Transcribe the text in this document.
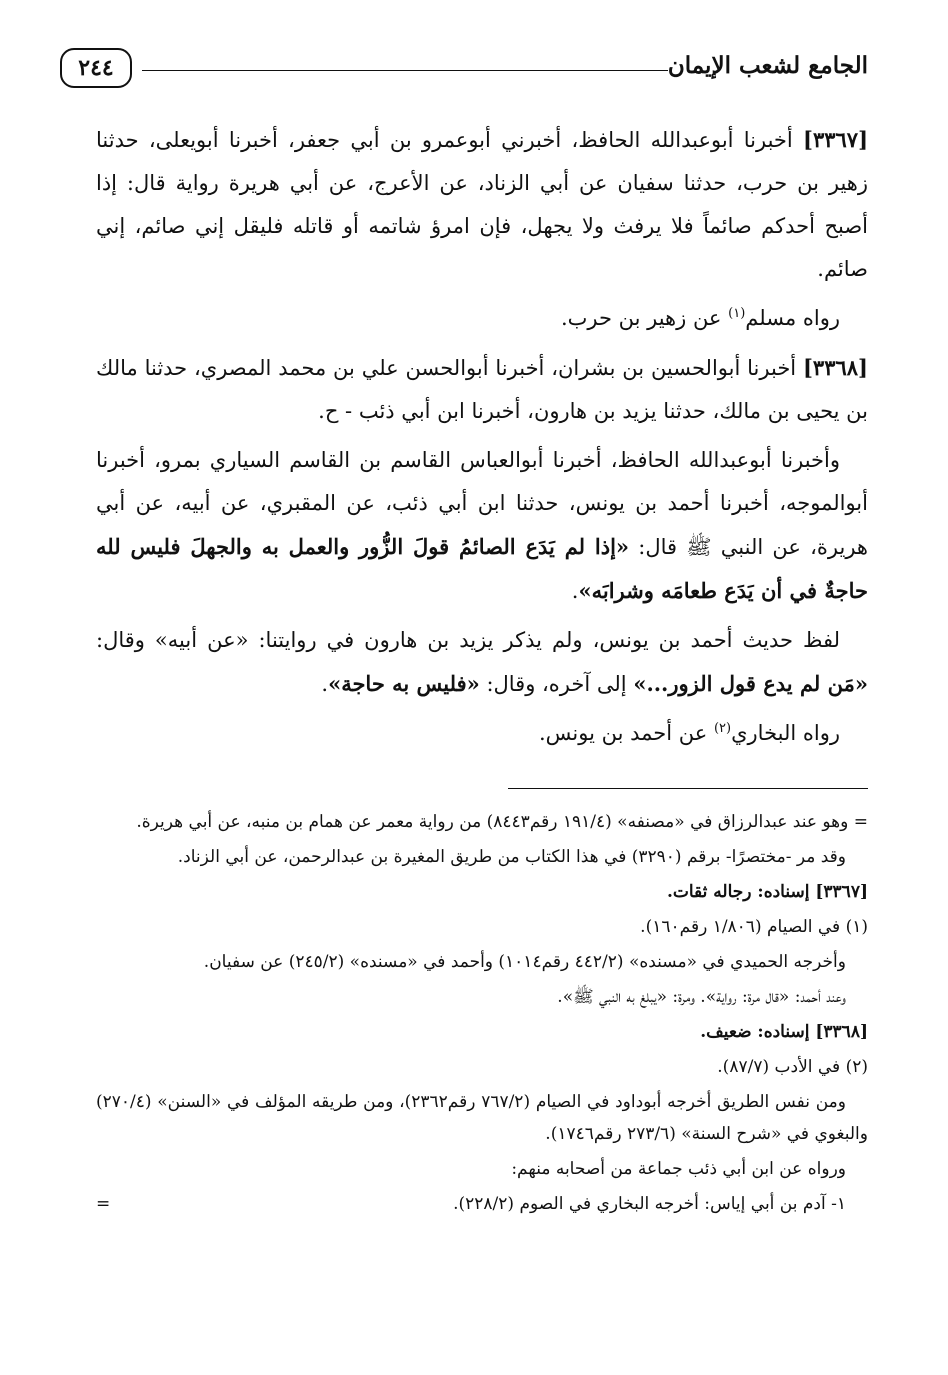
٢٤٤	الجامع لشعب الإيمان

[٣٣٦٧] أخبرنا أبوعبدالله الحافظ، أخبرني أبوعمرو بن أبي جعفر، أخبرنا أبويعلى، حدثنا زهير بن حرب، حدثنا سفيان عن أبي الزناد، عن الأعرج، عن أبي هريرة رواية قال: إذا أصبح أحدكم صائماً فلا يرفث ولا يجهل، فإن امرؤ شاتمه أو قاتله فليقل إني صائم، إني صائم.

رواه مسلم$^{(١)}$ عن زهير بن حرب.

[٣٣٦٨] أخبرنا أبوالحسين بن بشران، أخبرنا أبوالحسن علي بن محمد المصري، حدثنا مالك بن يحيى بن مالك، حدثنا يزيد بن هارون، أخبرنا ابن أبي ذئب - ح.

وأخبرنا أبوعبدالله الحافظ، أخبرنا أبوالعباس القاسم بن القاسم السياري بمرو، أخبرنا أبوالموجه، أخبرنا أحمد بن يونس، حدثنا ابن أبي ذئب، عن المقبري، عن أبيه، عن أبي هريرة، عن النبي ﷺ قال: «إذا لم يَدَع الصائمُ قولَ الزُّور والعمل به والجهلَ فليس لله حاجةٌ في أن يَدَع طعامَه وشرابَه».

لفظ حديث أحمد بن يونس، ولم يذكر يزيد بن هارون في روايتنا: «عن أبيه» وقال: «مَن لم يدع قول الزور...» إلى آخره، وقال: «فليس به حاجة».

رواه البخاري$^{(٢)}$ عن أحمد بن يونس.

= وهو عند عبدالرزاق في «مصنفه» (١٩١/٤ رقم٨٤٤٣) من رواية معمر عن همام بن منبه، عن أبي هريرة.

وقد مر -مختصرًا- برقم (٣٢٩٠) في هذا الكتاب من طريق المغيرة بن عبدالرحمن، عن أبي الزناد.

[٣٣٦٧] إسناده: رجاله ثقات.

(١) في الصيام (١/٨٠٦ رقم١٦٠).

وأخرجه الحميدي في «مسنده» (٤٤٢/٢ رقم١٠١٤) وأحمد في «مسنده» (٢٤٥/٢) عن سفيان.

وعند أحمد: «قال مرة: رواية». ومرة: «يبلغ به النبي ﷺ».

[٣٣٦٨] إسناده: ضعيف.

(٢) في الأدب (٨٧/٧).

ومن نفس الطريق أخرجه أبوداود في الصيام (٧٦٧/٢ رقم٢٣٦٢)، ومن طريقه المؤلف في «السنن» (٢٧٠/٤) والبغوي في «شرح السنة» (٢٧٣/٦ رقم١٧٤٦).

ورواه عن ابن أبي ذئب جماعة من أصحابه منهم:

١- آدم بن أبي إياس: أخرجه البخاري في الصوم (٢٢٨/٢).
=
